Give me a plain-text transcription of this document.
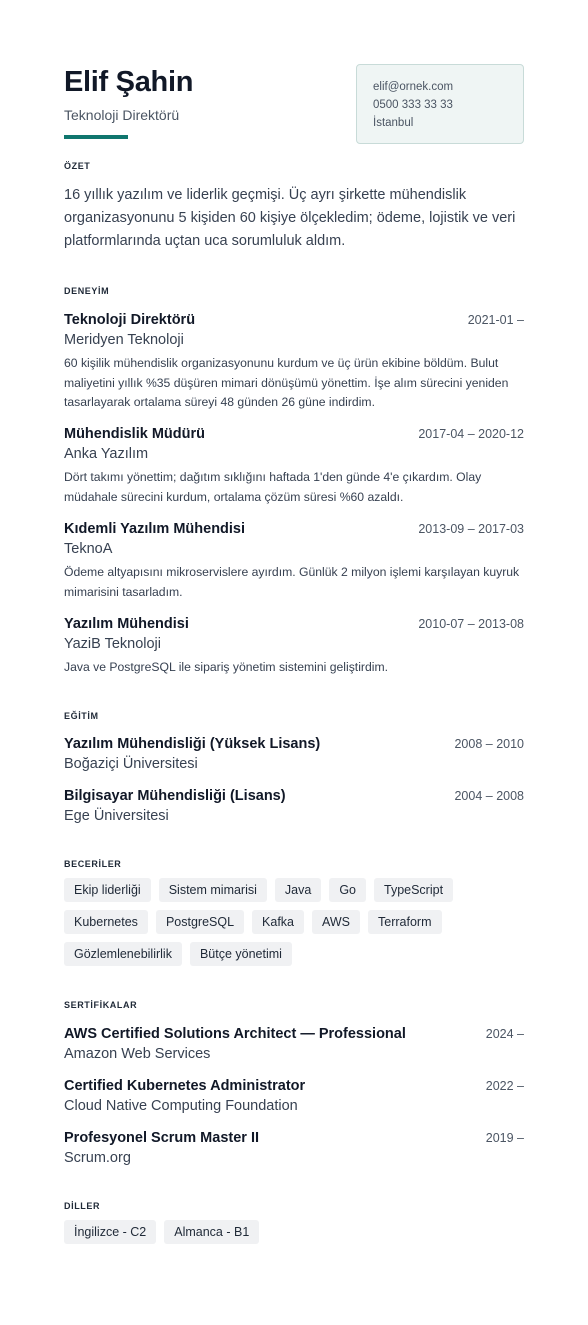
Elif Şahin
Teknoloji Direktörü
elif@ornek.com
0500 333 33 33
İstanbul
ÖZET
16 yıllık yazılım ve liderlik geçmişi. Üç ayrı şirkette mühendislik organizasyonunu 5 kişiden 60 kişiye ölçekledim; ödeme, lojistik ve veri platformlarında uçtan uca sorumluluk aldım.
DENEYİM
Teknoloji Direktörü	2021-01 –
Meridyen Teknoloji
60 kişilik mühendislik organizasyonunu kurdum ve üç ürün ekibine böldüm. Bulut maliyetini yıllık %35 düşüren mimari dönüşümü yönettim. İşe alım sürecini yeniden tasarlayarak ortalama süreyi 48 günden 26 güne indirdim.
Mühendislik Müdürü	2017-04 – 2020-12
Anka Yazılım
Dört takımı yönettim; dağıtım sıklığını haftada 1'den günde 4'e çıkardım. Olay müdahale sürecini kurdum, ortalama çözüm süresi %60 azaldı.
Kıdemli Yazılım Mühendisi	2013-09 – 2017-03
TeknoA
Ödeme altyapısını mikroservislere ayırdım. Günlük 2 milyon işlemi karşılayan kuyruk mimarisini tasarladım.
Yazılım Mühendisi	2010-07 – 2013-08
YaziB Teknoloji
Java ve PostgreSQL ile sipariş yönetim sistemini geliştirdim.
EĞİTİM
Yazılım Mühendisliği (Yüksek Lisans)	2008 – 2010
Boğaziçi Üniversitesi
Bilgisayar Mühendisliği (Lisans)	2004 – 2008
Ege Üniversitesi
BECERİLER
Ekip liderliği	Sistem mimarisi	Java	Go	TypeScript
Kubernetes	PostgreSQL	Kafka	AWS	Terraform
Gözlemlenebilirlik	Bütçe yönetimi
SERTİFİKALAR
AWS Certified Solutions Architect — Professional	2024 –
Amazon Web Services
Certified Kubernetes Administrator	2022 –
Cloud Native Computing Foundation
Profesyonel Scrum Master II	2019 –
Scrum.org
DİLLER
İngilizce - C2	Almanca - B1
